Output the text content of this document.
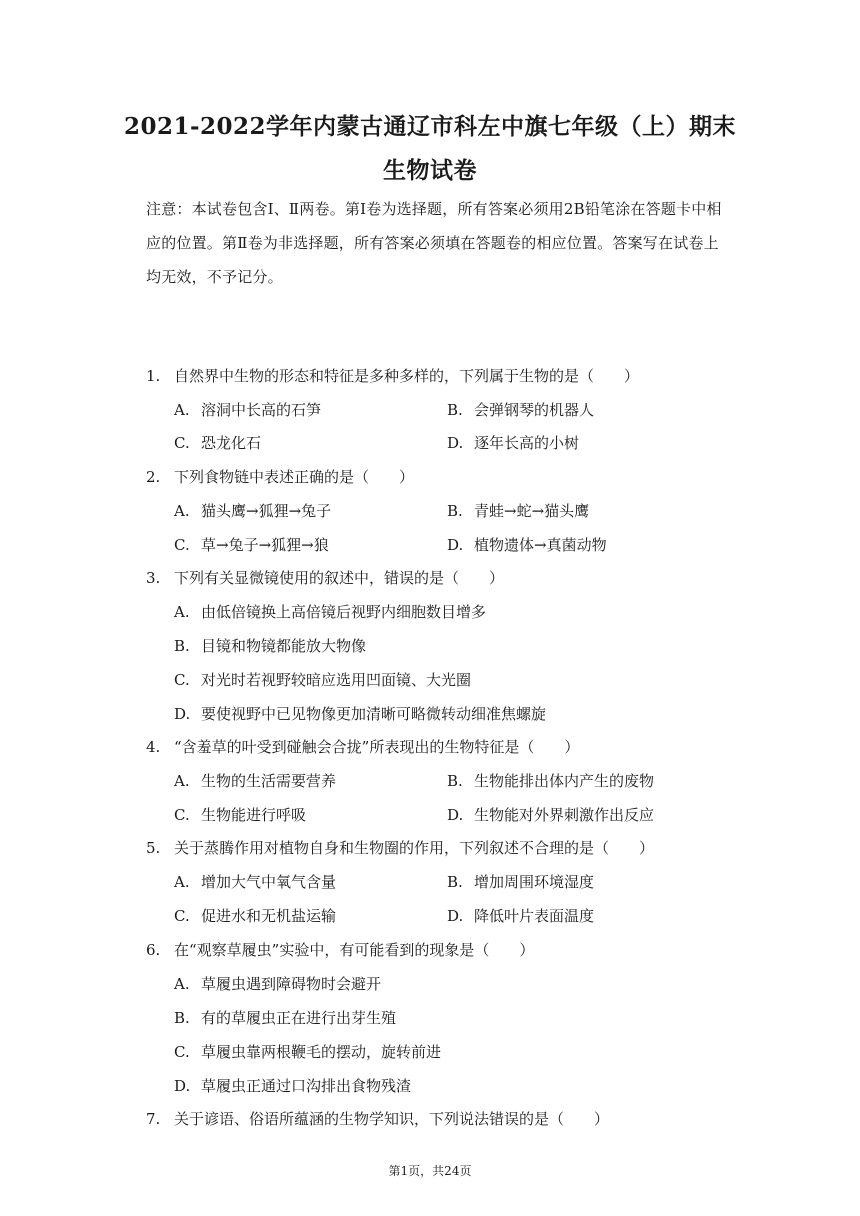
2021-2022学年内蒙古通辽市科左中旗七年级（上）期末
生物试卷
注意：本试卷包含Ⅰ、Ⅱ两卷。第Ⅰ卷为选择题，所有答案必须用2B铅笔涂在答题卡中相应的位置。第Ⅱ卷为非选择题，所有答案必须填在答题卷的相应位置。答案写在试卷上均无效，不予记分。
1. 自然界中生物的形态和特征是多种多样的，下列属于生物的是（　　）
A. 溶洞中长高的石笋	B. 会弹钢琴的机器人
C. 恐龙化石	D. 逐年长高的小树
2. 下列食物链中表述正确的是（　　）
A. 猫头鹰→狐狸→兔子	B. 青蛙→蛇→猫头鹰
C. 草→兔子→狐狸→狼	D. 植物遗体→真菌动物
3. 下列有关显微镜使用的叙述中，错误的是（　　）
A. 由低倍镜换上高倍镜后视野内细胞数目增多
B. 目镜和物镜都能放大物像
C. 对光时若视野较暗应选用凹面镜、大光圈
D. 要使视野中已见物像更加清晰可略微转动细准焦螺旋
4. “含羞草的叶受到碰触会合拢”所表现出的生物特征是（　　）
A. 生物的生活需要营养	B. 生物能排出体内产生的废物
C. 生物能进行呼吸	D. 生物能对外界刺激作出反应
5. 关于蒸腾作用对植物自身和生物圈的作用，下列叙述不合理的是（　　）
A. 增加大气中氧气含量	B. 增加周围环境湿度
C. 促进水和无机盐运输	D. 降低叶片表面温度
6. 在“观察草履虫”实验中，有可能看到的现象是（　　）
A. 草履虫遇到障碍物时会避开
B. 有的草履虫正在进行出芽生殖
C. 草履虫靠两根鞭毛的摆动，旋转前进
D. 草履虫正通过口沟排出食物残渣
7. 关于谚语、俗语所蕴涵的生物学知识，下列说法错误的是（　　）
第1页，共24页
